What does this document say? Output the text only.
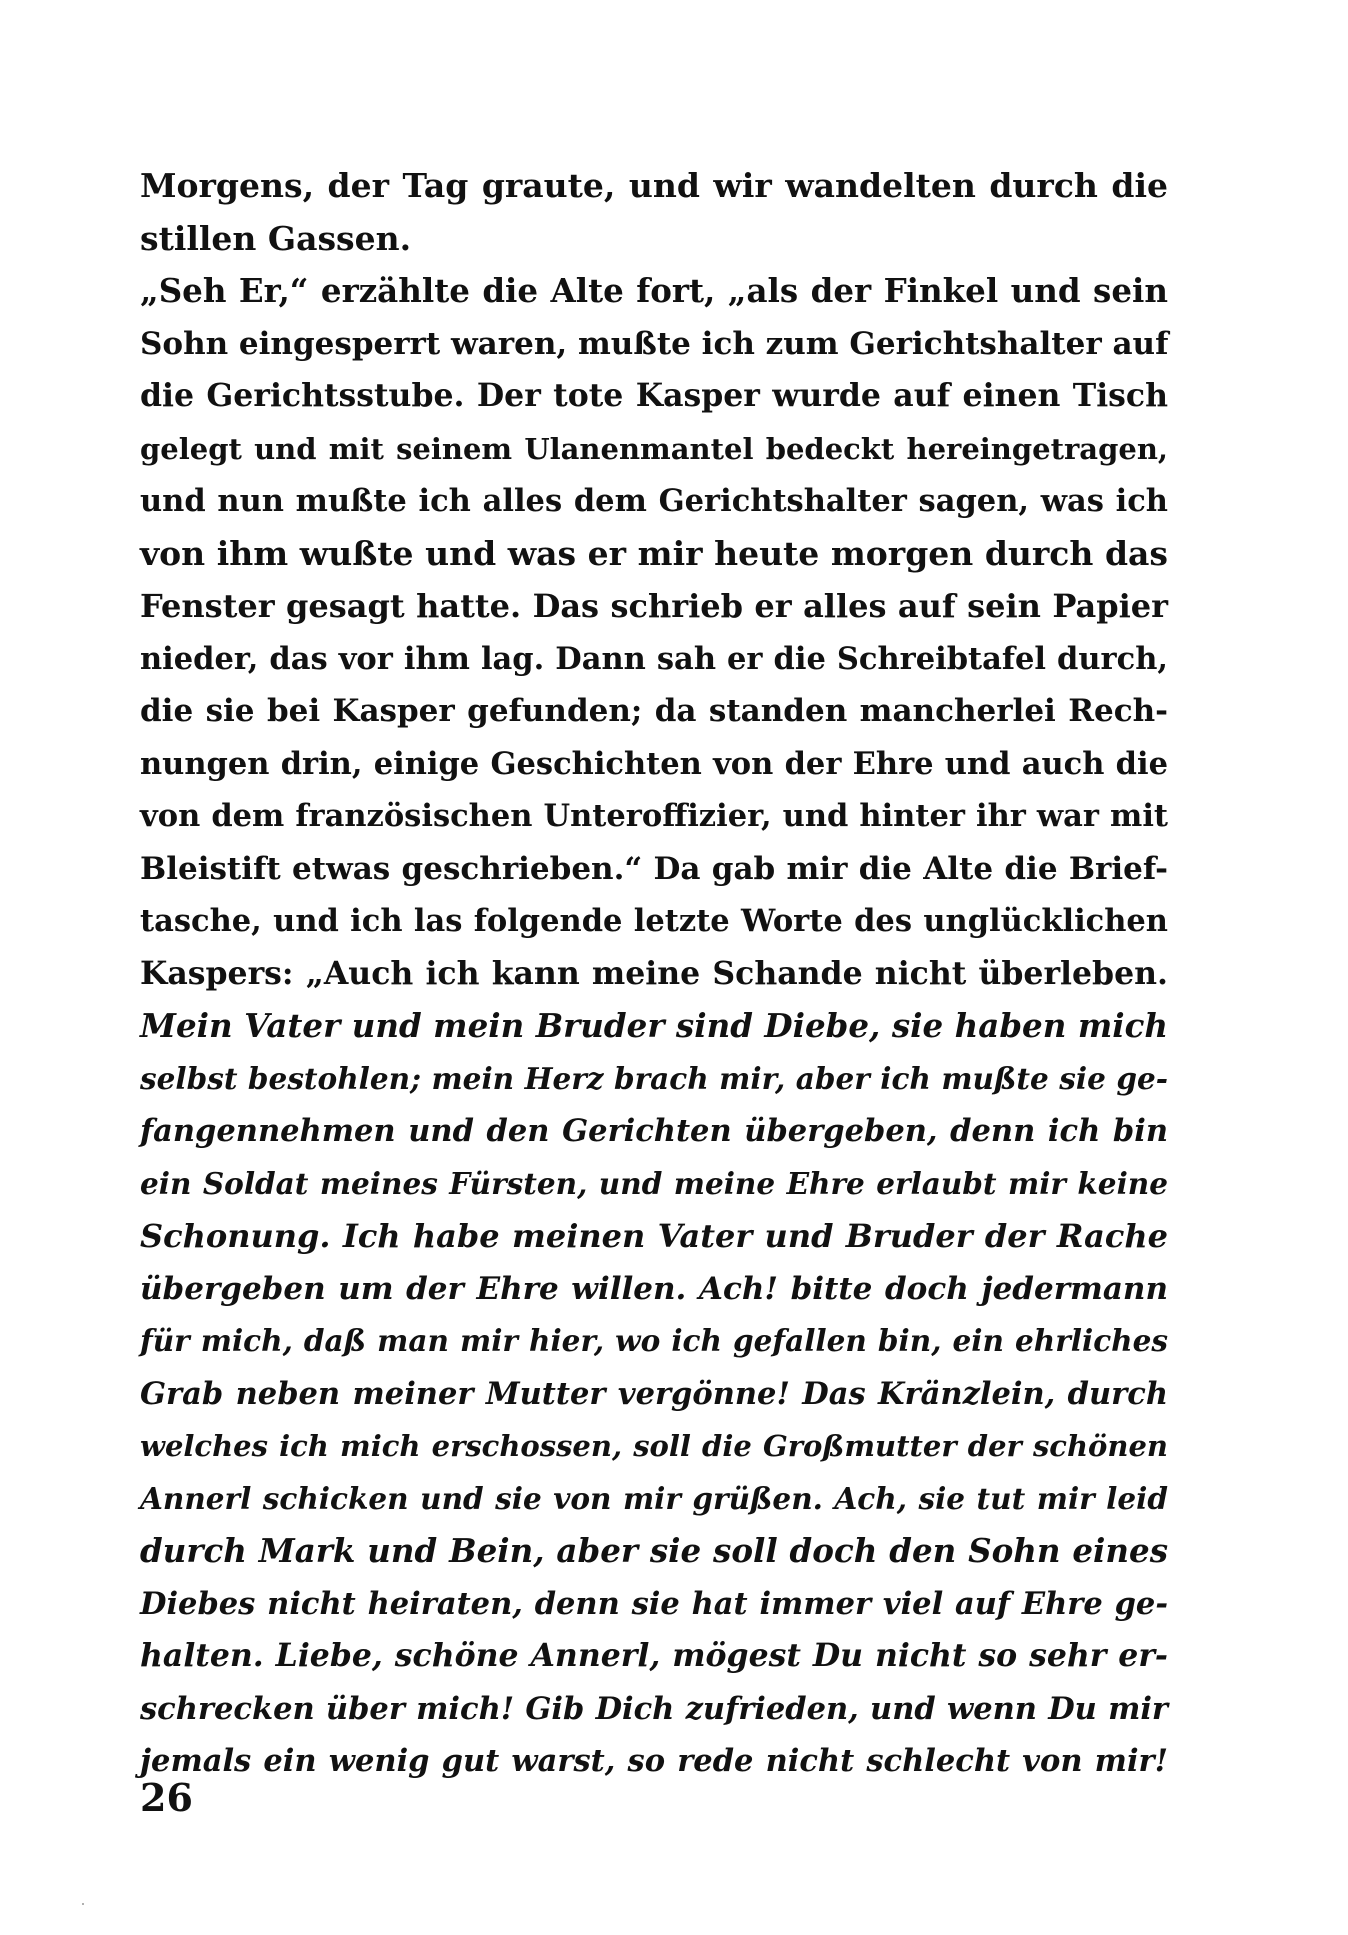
Morgens, der Tag graute, und wir wandelten durch die
stillen Gassen.
„Seh Er,“ erzählte die Alte fort, „als der Finkel und sein
Sohn eingesperrt waren, mußte ich zum Gerichtshalter auf
die Gerichtsstube. Der tote Kasper wurde auf einen Tisch
gelegt und mit seinem Ulanenmantel bedeckt hereingetragen,
und nun mußte ich alles dem Gerichtshalter sagen, was ich
von ihm wußte und was er mir heute morgen durch das
Fenster gesagt hatte. Das schrieb er alles auf sein Papier
nieder, das vor ihm lag. Dann sah er die Schreibtafel durch,
die sie bei Kasper gefunden; da standen mancherlei Rech-
nungen drin, einige Geschichten von der Ehre und auch die
von dem französischen Unteroffizier, und hinter ihr war mit
Bleistift etwas geschrieben.“ Da gab mir die Alte die Brief-
tasche, und ich las folgende letzte Worte des unglücklichen
Kaspers: „Auch ich kann meine Schande nicht überleben.
Mein Vater und mein Bruder sind Diebe, sie haben mich
selbst bestohlen; mein Herz brach mir, aber ich mußte sie ge-
fangennehmen und den Gerichten übergeben, denn ich bin
ein Soldat meines Fürsten, und meine Ehre erlaubt mir keine
Schonung. Ich habe meinen Vater und Bruder der Rache
übergeben um der Ehre willen. Ach! bitte doch jedermann
für mich, daß man mir hier, wo ich gefallen bin, ein ehrliches
Grab neben meiner Mutter vergönne! Das Kränzlein, durch
welches ich mich erschossen, soll die Großmutter der schönen
Annerl schicken und sie von mir grüßen. Ach, sie tut mir leid
durch Mark und Bein, aber sie soll doch den Sohn eines
Diebes nicht heiraten, denn sie hat immer viel auf Ehre ge-
halten. Liebe, schöne Annerl, mögest Du nicht so sehr er-
schrecken über mich! Gib Dich zufrieden, und wenn Du mir
jemals ein wenig gut warst, so rede nicht schlecht von mir!
26
